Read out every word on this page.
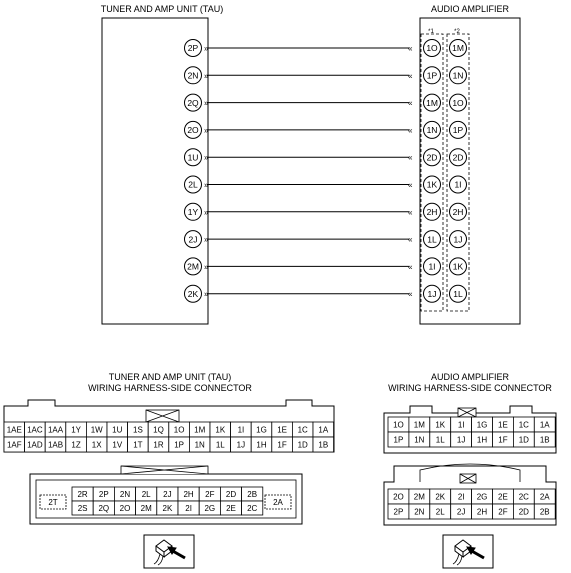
TUNER AND AMP UNIT (TAU)	AUDIO AMPLIFIER
*1	*2
»	«
2P	1O 1M
»	«
2N	1P 1N
»	«
2Q	1M 1O
»	«
2O	1N 1P
»	«
1U	2D 2D
»	«
2L	1K 1I
»	«
1Y	2H 2H
»	«
2J	1L 1J
»	«
2M	1I 1K
»	«
2K	1J 1L
TUNER AND AMP UNIT (TAU)
WIRING HARNESS-SIDE CONNECTOR
1AE 1AC 1AA 1Y 1W 1U 1S 1Q 1O 1M 1K 1I 1G 1E 1C 1A
1AF 1AD 1AB 1Z 1X 1V 1T 1R 1P 1N 1L 1J 1H 1F 1D 1B
2R 2P 2N 2L 2J 2H 2F 2D 2B
2S 2Q 2O 2M 2K 2I 2G 2E 2C
2T	2A
AUDIO AMPLIFIER
WIRING HARNESS-SIDE CONNECTOR
1O 1M 1K 1I 1G 1E 1C 1A
1P 1N 1L 1J 1H 1F 1D 1B
2O 2M 2K 2I 2G 2E 2C 2A
2P 2N 2L 2J 2H 2F 2D 2B
